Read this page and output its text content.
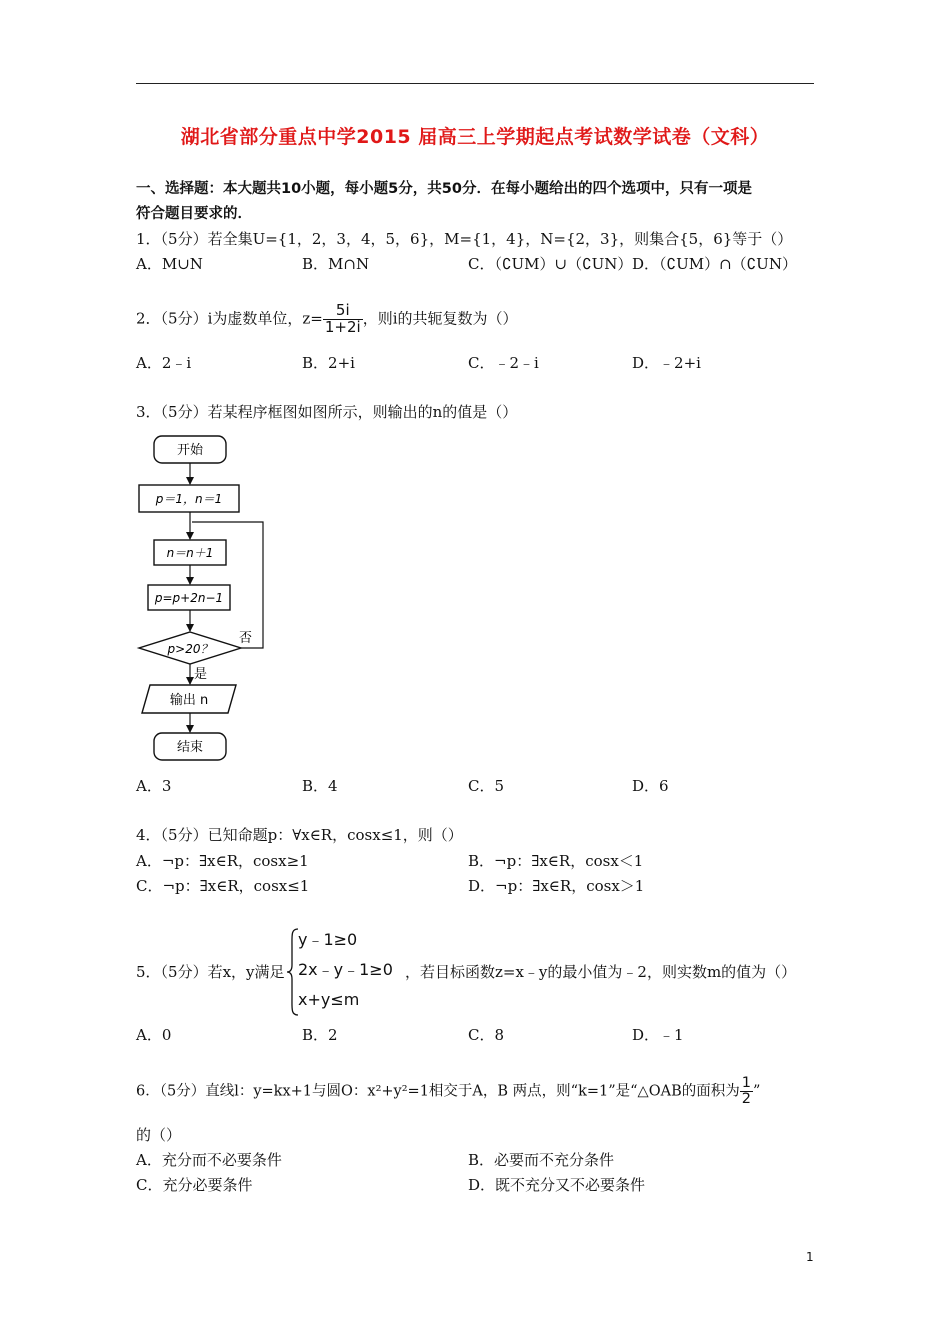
湖北省部分重点中学2015 届高三上学期起点考试数学试卷（文科）
一、选择题：本大题共10小题，每小题5分，共50分．在每小题给出的四个选项中，只有一项是
符合题目要求的．
1．（5分）若全集U={1，2，3，4，5，6}，M={1，4}，N={2，3}，则集合{5，6}等于（）
A．M∪N	B．M∩N	C．（∁UM）∪（∁UN） D．（∁UM）∩（∁UN）
2．（5分）i为虚数单位，$z= \frac{5i}{1+2i}$ ，则i的共轭复数为（）
A．2﹣i	B．2+i	C．﹣2﹣i	D．﹣2+i
3．（5分）若某程序框图如图所示，则输出的n的值是（）
开始
p＝1，n＝1
n＝n＋1
p=p+2n−1
p>20？
否
是
输出 n
结束
A．3	B．4	C．5	D．6
4．（5分）已知命题p：∀x∈R，cosx≤1，则（）
A．¬p：∃x∈R，cosx≥1	B．¬p：∃x∈R，cosx＜1
C．¬p：∃x∈R，cosx≤1	D．¬p：∃x∈R，cosx＞1
5．（5分）若x，y满足
y﹣1≥0
2x﹣y﹣1≥0
x+y≤m
，若目标函数z=x﹣y的最小值为﹣2，则实数m的值为（）
A．0	B．2	C．8	D．﹣1
6．（5分）直线l：y=kx+1与圆O：x²+y²=1相交于A，B 两点，则“k=1”是“△OAB的面积为 $\frac{1}{2}$ ”
的（）
A．充分而不必要条件	B．必要而不充分条件
C．充分必要条件	D．既不充分又不必要条件
1
